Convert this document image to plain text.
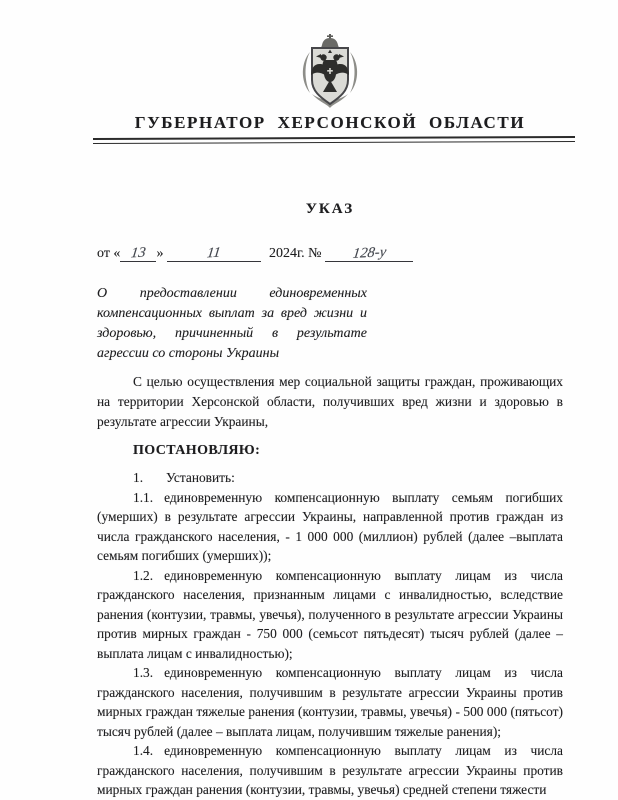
ГУБЕРНАТОР ХЕРСОНСКОЙ ОБЛАСТИ
УКАЗ
от « 13 »	11	2024г. № 128-у

О предоставлении единовременных компенсационных выплат за вред жизни и здоровью, причиненный в результате агрессии со стороны Украины

С целью осуществления мер социальной защиты граждан, проживающих на территории Херсонской области, получивших вред жизни и здоровью в результате агрессии Украины,

ПОСТАНОВЛЯЮ:

1. Установить:

1.1. единовременную компенсационную выплату семьям погибших (умерших) в результате агрессии Украины, направленной против граждан из числа гражданского населения, - 1 000 000 (миллион) рублей (далее –выплата семьям погибших (умерших));

1.2. единовременную компенсационную выплату лицам из числа гражданского населения, признанным лицами с инвалидностью, вследствие ранения (контузии, травмы, увечья), полученного в результате агрессии Украины против мирных граждан - 750 000 (семьсот пятьдесят) тысяч рублей (далее – выплата лицам с инвалидностью);

1.3. единовременную компенсационную выплату лицам из числа гражданского населения, получившим в результате агрессии Украины против мирных граждан тяжелые ранения (контузии, травмы, увечья) - 500 000 (пятьсот) тысяч рублей (далее – выплата лицам, получившим тяжелые ранения);

1.4. единовременную компенсационную выплату лицам из числа гражданского населения, получившим в результате агрессии Украины против мирных граждан ранения (контузии, травмы, увечья) средней степени тяжести
